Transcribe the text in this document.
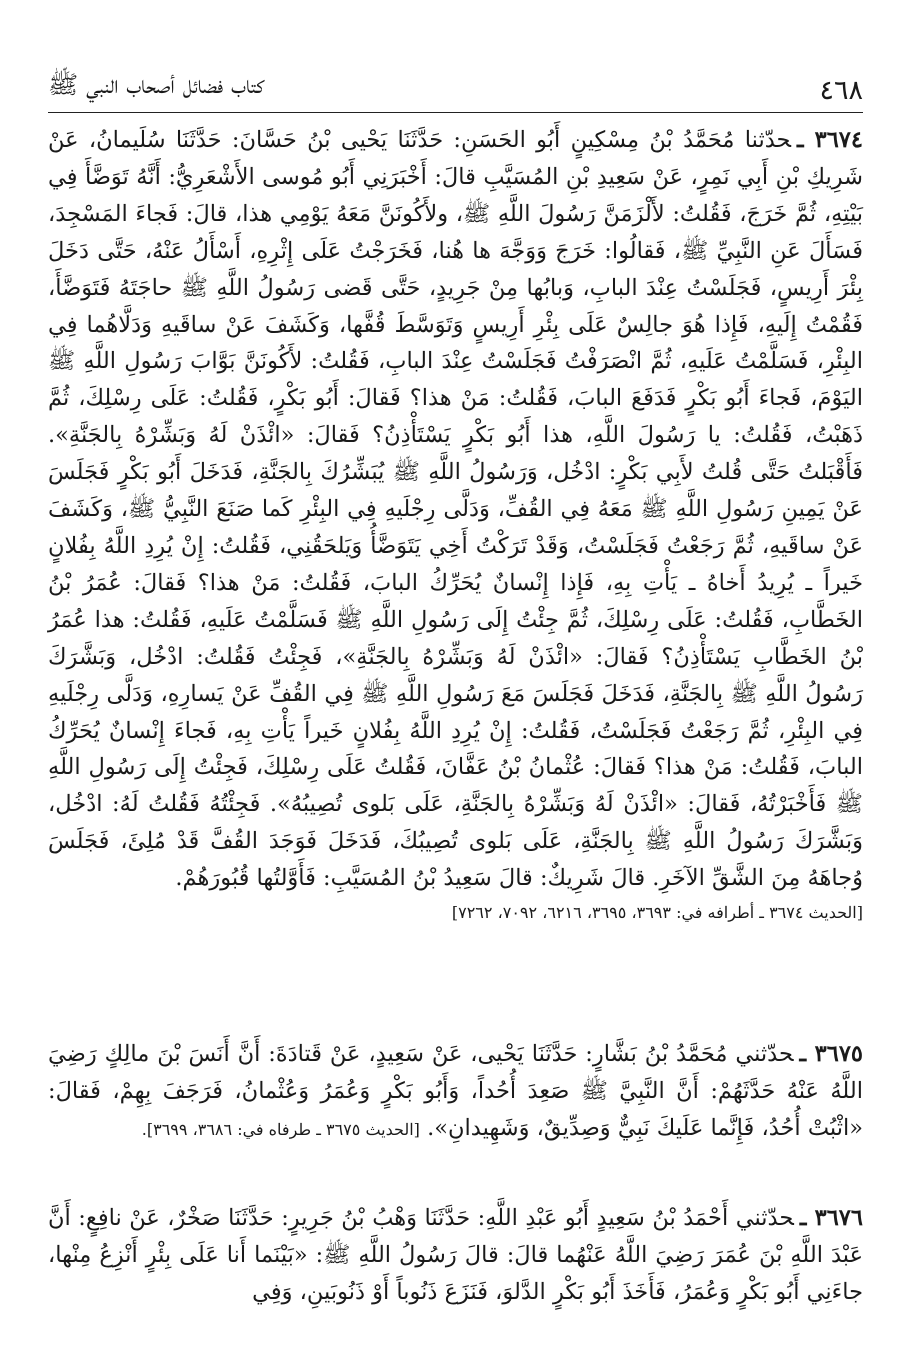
٤٦٨
كتاب فضائل أصحاب النبي ﷺ

٣٦٧٤ ـحدّثنا مُحَمَّدُ بْنُ مِسْكِينٍ أَبُو الحَسَنِ: حَدَّثَنَا يَحْيى بْنُ حَسَّانَ: حَدَّثَنَا سُلَيمانُ، عَنْ شَرِيكِ بْنِ أَبِي نَمِرٍ، عَنْ سَعِيدِ بْنِ المُسَيَّبِ قالَ: أَخْبَرَنِي أَبُو مُوسى الأَشْعَرِيُّ: أَنَّهُ تَوَضَّأَ فِي بَيْتِهِ، ثُمَّ خَرَجَ، فَقُلتُ: لأَلْزَمَنَّ رَسُولَ اللَّهِ ﷺ، ولأَكُونَنَّ مَعَهُ يَوْمِي هذا، قالَ: فَجاءَ المَسْجِدَ، فَسَأَلَ عَنِ النَّبِيِّ ﷺ، فَقالُوا: خَرَجَ وَوَجَّهَ ها هُنا، فَخَرَجْتُ عَلَى إِثْرِهِ، أَسْأَلُ عَنْهُ، حَتَّى دَخَلَ بِئْرَ أَرِيسٍ، فَجَلَسْتُ عِنْدَ البابِ، وَبابُها مِنْ جَرِيدٍ، حَتَّى قَضى رَسُولُ اللَّهِ ﷺ حاجَتَهُ فَتَوَضَّأَ، فَقُمْتُ إِلَيهِ، فَإِذا هُوَ جالِسٌ عَلَى بِئْرِ أَرِيسٍ وَتَوَسَّطَ قُفَّها، وَكَشَفَ عَنْ ساقَيهِ وَدَلَّاهُما فِي البِئْرِ، فَسَلَّمْتُ عَلَيهِ، ثُمَّ انْصَرَفْتُ فَجَلَسْتُ عِنْدَ البابِ، فَقُلتُ: لأَكُونَنَّ بَوَّابَ رَسُولِ اللَّهِ ﷺ اليَوْمَ، فَجاءَ أَبُو بَكْرٍ فَدَفَعَ البابَ، فَقُلتُ: مَنْ هذا؟ فَقالَ: أَبُو بَكْرٍ، فَقُلتُ: عَلَى رِسْلِكَ، ثُمَّ ذَهَبْتُ، فَقُلتُ: يا رَسُولَ اللَّهِ، هذا أَبُو بَكْرٍ يَسْتَأْذِنُ؟ فَقالَ: «ائْذَنْ لَهُ وَبَشِّرْهُ بِالجَنَّةِ». فَأَقْبَلتُ حَتَّى قُلتُ لأَبِي بَكْرٍ: ادْخُل، وَرَسُولُ اللَّهِ ﷺ يُبَشِّرُكَ بِالجَنَّةِ، فَدَخَلَ أَبُو بَكْرٍ فَجَلَسَ عَنْ يَمِينِ رَسُولِ اللَّهِ ﷺ مَعَهُ فِي القُفِّ، وَدَلَّى رِجْلَيهِ فِي البِئْرِ كَما صَنَعَ النَّبِيُّ ﷺ، وَكَشَفَ عَنْ ساقَيهِ، ثُمَّ رَجَعْتُ فَجَلَسْتُ، وَقَدْ تَرَكْتُ أَخِي يَتَوَضَّأُ وَيَلحَقُنِي، فَقُلتُ: إِنْ يُرِدِ اللَّهُ بِفُلانٍ خَيراً ـ يُرِيدُ أَخاهُ ـ يَأْتِ بِهِ، فَإِذا إِنْسانٌ يُحَرِّكُ البابَ، فَقُلتُ: مَنْ هذا؟ فَقالَ: عُمَرُ بْنُ الخَطَّابِ، فَقُلتُ: عَلَى رِسْلِكَ، ثُمَّ جِئْتُ إِلَى رَسُولِ اللَّهِ ﷺ فَسَلَّمْتُ عَلَيهِ، فَقُلتُ: هذا عُمَرُ بْنُ الخَطَّابِ يَسْتَأْذِنُ؟ فَقالَ: «ائْذَنْ لَهُ وَبَشِّرْهُ بِالجَنَّةِ»، فَجِئْتُ فَقُلتُ: ادْخُل، وَبَشَّرَكَ رَسُولُ اللَّهِ ﷺ بِالجَنَّةِ، فَدَخَلَ فَجَلَسَ مَعَ رَسُولِ اللَّهِ ﷺ فِي القُفِّ عَنْ يَسارِهِ، وَدَلَّى رِجْلَيهِ فِي البِئْرِ، ثُمَّ رَجَعْتُ فَجَلَسْتُ، فَقُلتُ: إِنْ يُرِدِ اللَّهُ بِفُلانٍ خَيراً يَأْتِ بِهِ، فَجاءَ إِنْسانٌ يُحَرِّكُ البابَ، فَقُلتُ: مَنْ هذا؟ فَقالَ: عُثْمانُ بْنُ عَفَّانَ، فَقُلتُ عَلَى رِسْلِكَ، فَجِئْتُ إِلَى رَسُولِ اللَّهِ ﷺ فَأَخْبَرْتُهُ، فَقالَ: «ائْذَنْ لَهُ وَبَشِّرْهُ بِالجَنَّةِ، عَلَى بَلوى تُصِيبُهُ». فَجِئْتُهُ فَقُلتُ لَهُ: ادْخُل، وَبَشَّرَكَ رَسُولُ اللَّهِ ﷺ بِالجَنَّةِ، عَلَى بَلوى تُصِيبُكَ، فَدَخَلَ فَوَجَدَ القُفَّ قَدْ مُلِئَ، فَجَلَسَ وُجاهَهُ مِنَ الشَّقِّ الآخَرِ. قالَ شَرِيكٌ: قالَ سَعِيدُ بْنُ المُسَيَّبِ: فَأَوَّلتُها قُبُورَهُمْ.
[الحديث ٣٦٧٤ ـ أطرافه في: ٣٦٩٣، ٣٦٩٥، ٦٢١٦، ٧٠٩٢، ٧٢٦٢]

٣٦٧٥ ـحدّثني مُحَمَّدُ بْنُ بَشَّارٍ: حَدَّثَنَا يَحْيى، عَنْ سَعِيدٍ، عَنْ قَتادَةَ: أَنَّ أَنَسَ بْنَ مالِكٍ رَضِيَ اللَّهُ عَنْهُ حَدَّثَهُمْ: أَنَّ النَّبِيَّ ﷺ صَعِدَ أُحُداً، وَأَبُو بَكْرٍ وَعُمَرُ وَعُثْمانُ، فَرَجَفَ بِهِمْ، فَقالَ: «اثْبُتْ أُحُدُ، فَإِنَّما عَلَيكَ نَبِيٌّ وَصِدِّيقٌ، وَشَهِيدانِ». [الحديث ٣٦٧٥ ـ طرفاه في: ٣٦٨٦، ٣٦٩٩].

٣٦٧٦ ـحدّثني أَحْمَدُ بْنُ سَعِيدٍ أَبُو عَبْدِ اللَّهِ: حَدَّثَنَا وَهْبُ بْنُ جَرِيرٍ: حَدَّثَنَا صَخْرٌ، عَنْ نافِعٍ: أَنَّ عَبْدَ اللَّهِ بْنَ عُمَرَ رَضِيَ اللَّهُ عَنْهُما قالَ: قالَ رَسُولُ اللَّهِ ﷺ: «بَيْنَما أَنا عَلَى بِئْرٍ أَنْزِعُ مِنْها، جاءَنِي أَبُو بَكْرٍ وَعُمَرُ، فَأَخَذَ أَبُو بَكْرٍ الدَّلوَ، فَنَزَعَ ذَنُوباً أَوْ ذَنُوبَينِ، وَفِي
